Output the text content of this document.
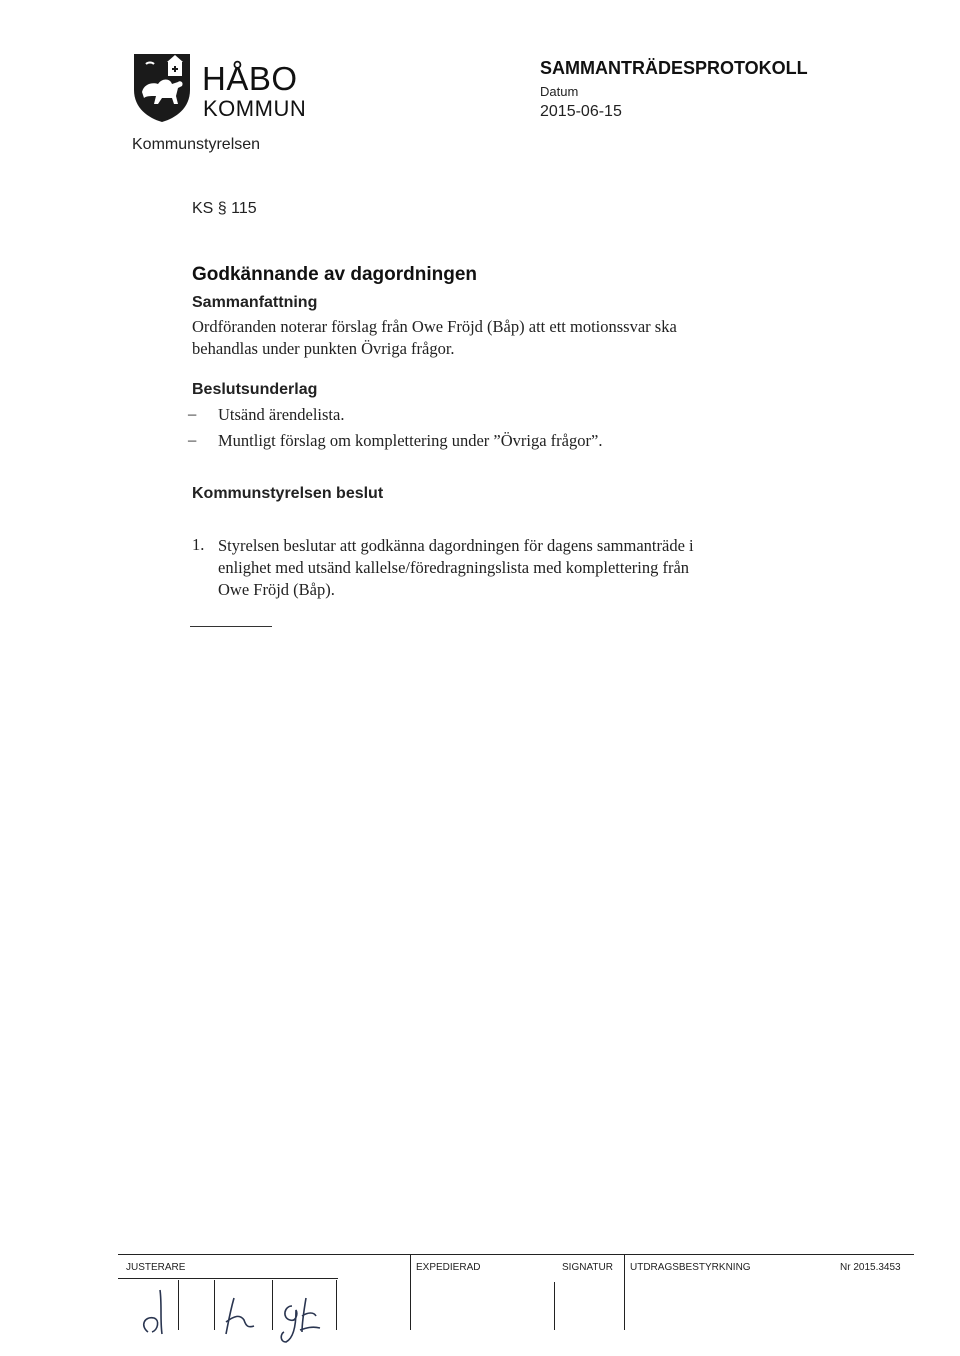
HÅBO
KOMMUN
Kommunstyrelsen
SAMMANTRÄDESPROTOKOLL
Datum
2015-06-15
KS § 115
Godkännande av dagordningen
Sammanfattning
Ordföranden noterar förslag från Owe Fröjd (Båp) att ett motionssvar ska
behandlas under punkten Övriga frågor.
Beslutsunderlag
– Utsänd ärendelista.
– Muntligt förslag om komplettering under ”Övriga frågor”.
Kommunstyrelsen beslut
1. Styrelsen beslutar att godkänna dagordningen för dagens sammanträde i
enlighet med utsänd kallelse/föredragningslista med komplettering från
Owe Fröjd (Båp).
JUSTERARE	EXPEDIERAD	SIGNATUR UTDRAGSBESTYRKNING	Nr 2015.3453
